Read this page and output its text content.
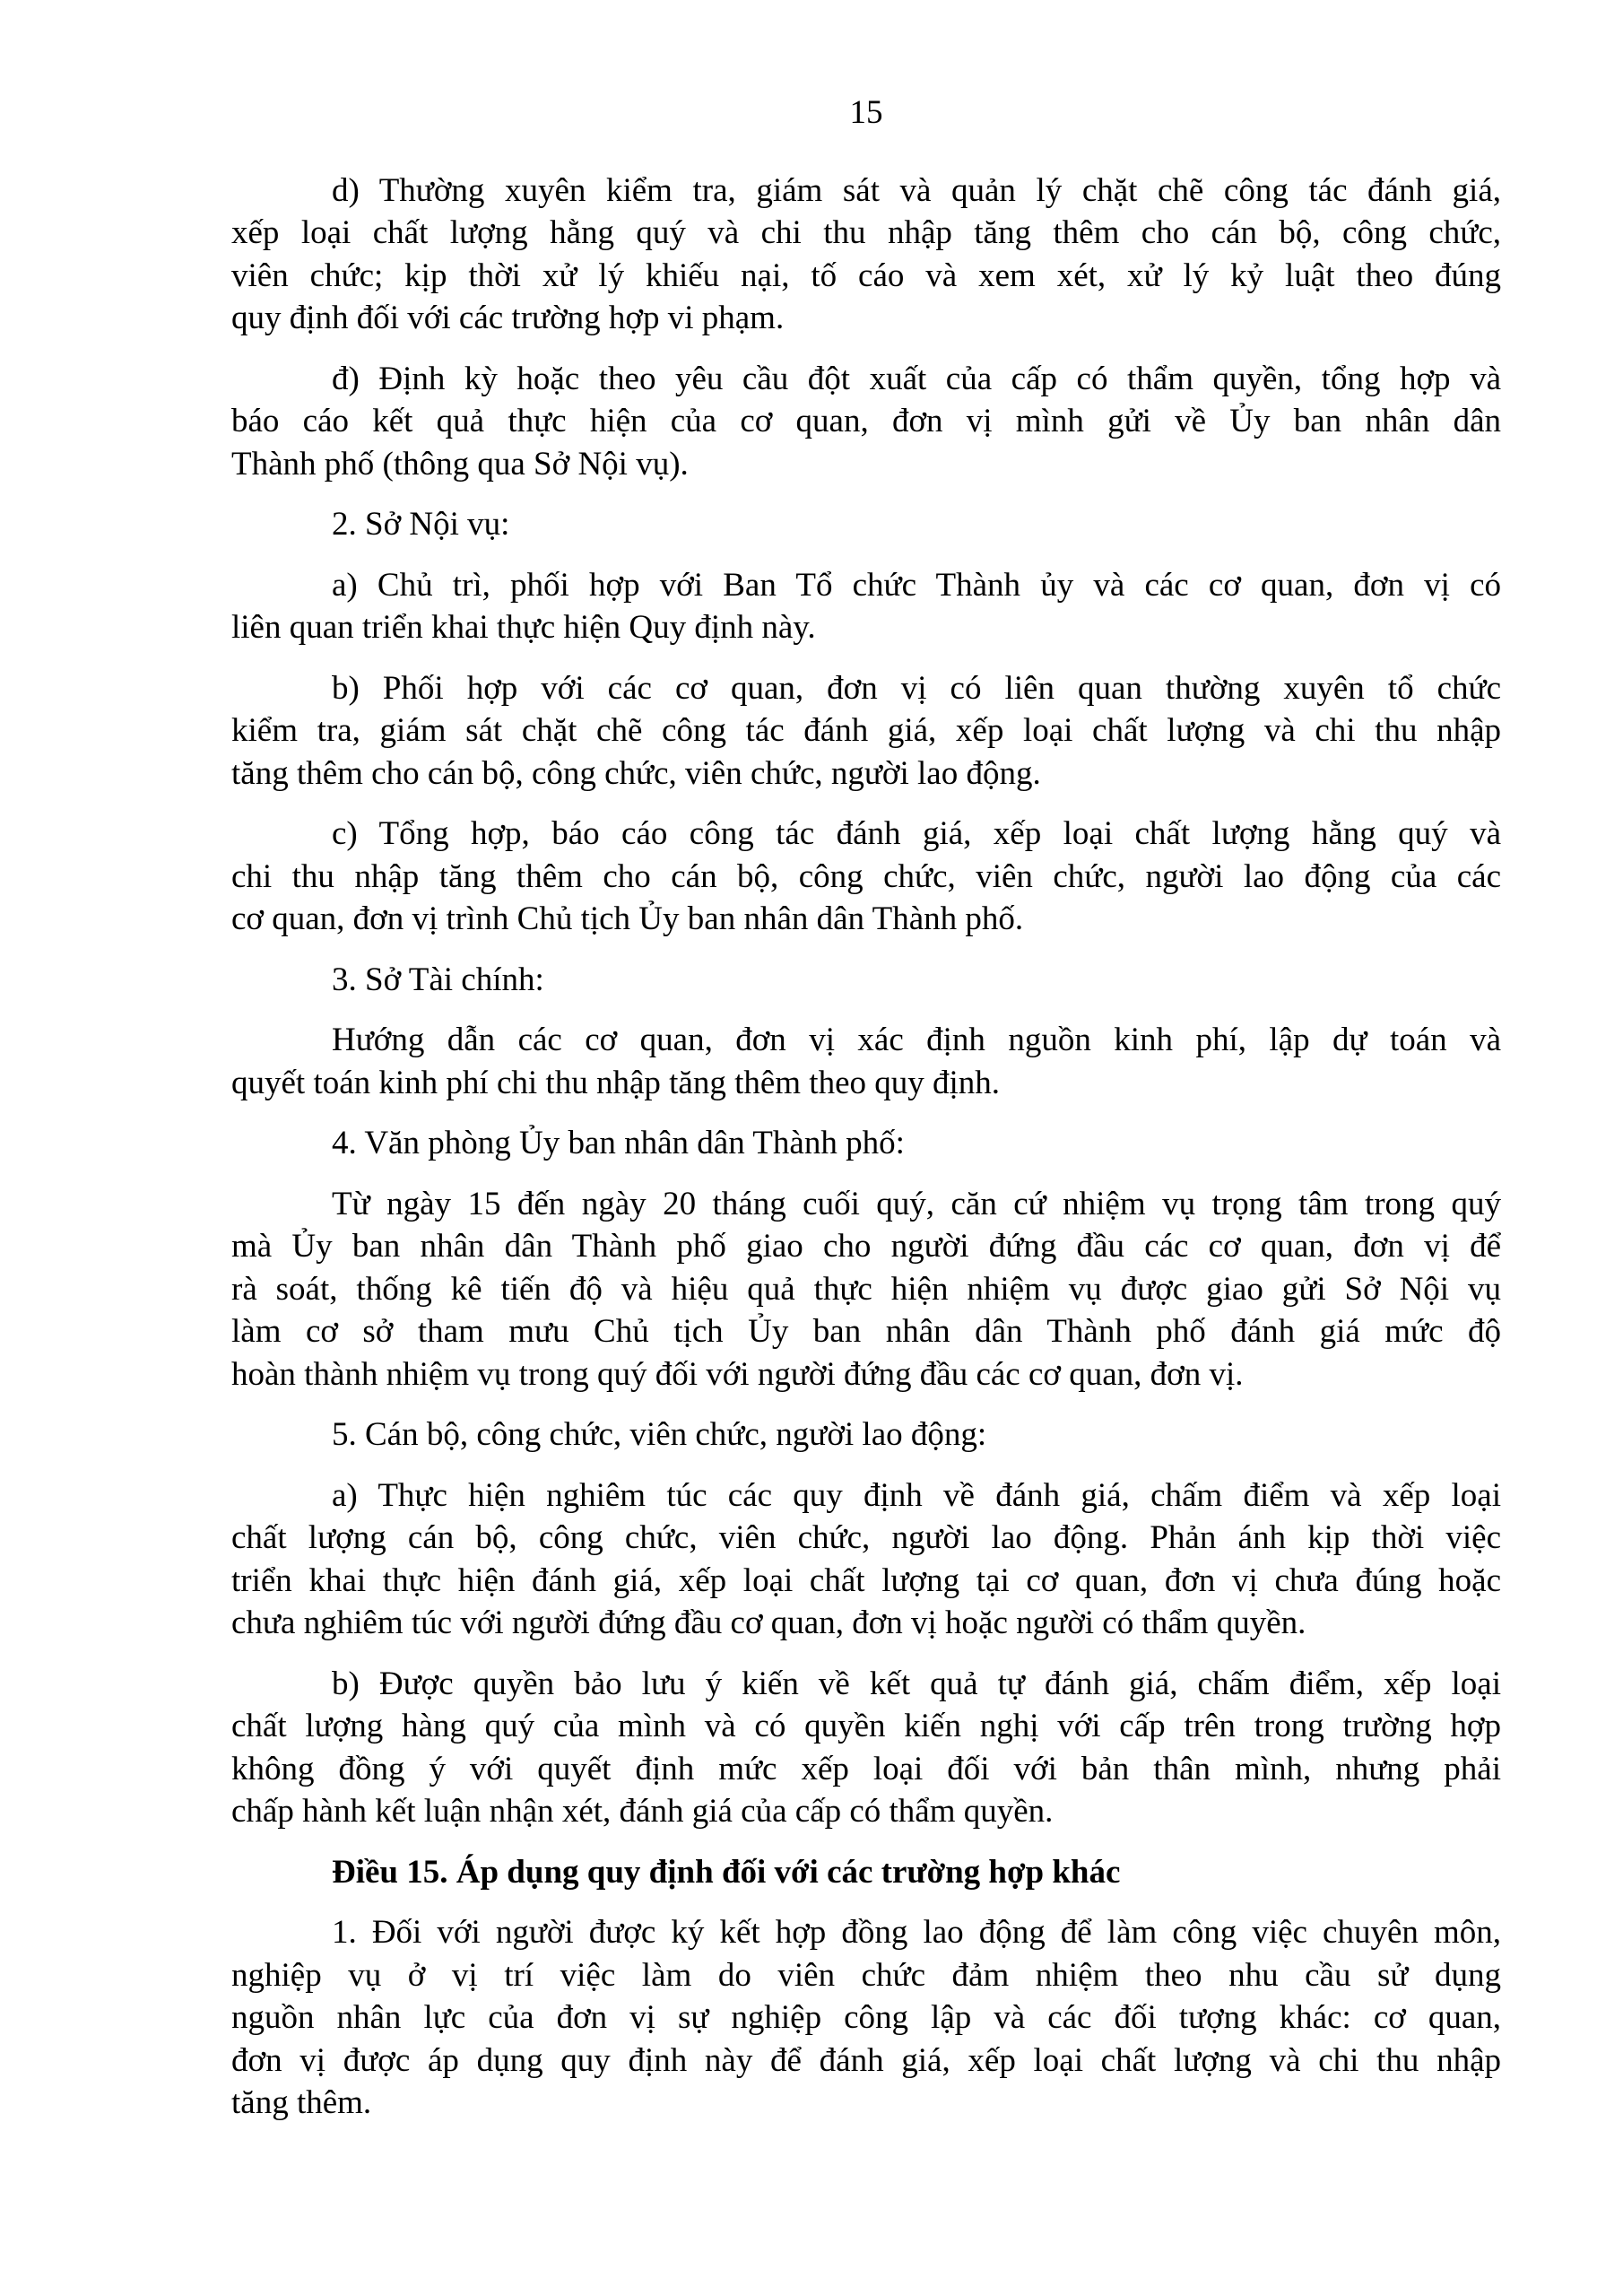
15
d) Thường xuyên kiểm tra, giám sát và quản lý chặt chẽ công tác đánh giá,
xếp loại chất lượng hằng quý và chi thu nhập tăng thêm cho cán bộ, công chức,
viên chức; kịp thời xử lý khiếu nại, tố cáo và xem xét, xử lý kỷ luật theo đúng
quy định đối với các trường hợp vi phạm.
đ) Định kỳ hoặc theo yêu cầu đột xuất của cấp có thẩm quyền, tổng hợp và
báo cáo kết quả thực hiện của cơ quan, đơn vị mình gửi về Ủy ban nhân dân
Thành phố (thông qua Sở Nội vụ).
2. Sở Nội vụ:
a) Chủ trì, phối hợp với Ban Tổ chức Thành ủy và các cơ quan, đơn vị có
liên quan triển khai thực hiện Quy định này.
b) Phối hợp với các cơ quan, đơn vị có liên quan thường xuyên tổ chức
kiểm tra, giám sát chặt chẽ công tác đánh giá, xếp loại chất lượng và chi thu nhập
tăng thêm cho cán bộ, công chức, viên chức, người lao động.
c) Tổng hợp, báo cáo công tác đánh giá, xếp loại chất lượng hằng quý và
chi thu nhập tăng thêm cho cán bộ, công chức, viên chức, người lao động của các
cơ quan, đơn vị trình Chủ tịch Ủy ban nhân dân Thành phố.
3. Sở Tài chính:
Hướng dẫn các cơ quan, đơn vị xác định nguồn kinh phí, lập dự toán và
quyết toán kinh phí chi thu nhập tăng thêm theo quy định.
4. Văn phòng Ủy ban nhân dân Thành phố:
Từ ngày 15 đến ngày 20 tháng cuối quý, căn cứ nhiệm vụ trọng tâm trong quý
mà Ủy ban nhân dân Thành phố giao cho người đứng đầu các cơ quan, đơn vị để
rà soát, thống kê tiến độ và hiệu quả thực hiện nhiệm vụ được giao gửi Sở Nội vụ
làm cơ sở tham mưu Chủ tịch Ủy ban nhân dân Thành phố đánh giá mức độ
hoàn thành nhiệm vụ trong quý đối với người đứng đầu các cơ quan, đơn vị.
5. Cán bộ, công chức, viên chức, người lao động:
a) Thực hiện nghiêm túc các quy định về đánh giá, chấm điểm và xếp loại
chất lượng cán bộ, công chức, viên chức, người lao động. Phản ánh kịp thời việc
triển khai thực hiện đánh giá, xếp loại chất lượng tại cơ quan, đơn vị chưa đúng hoặc
chưa nghiêm túc với người đứng đầu cơ quan, đơn vị hoặc người có thẩm quyền.
b) Được quyền bảo lưu ý kiến về kết quả tự đánh giá, chấm điểm, xếp loại
chất lượng hàng quý của mình và có quyền kiến nghị với cấp trên trong trường hợp
không đồng ý với quyết định mức xếp loại đối với bản thân mình, nhưng phải
chấp hành kết luận nhận xét, đánh giá của cấp có thẩm quyền.
Điều 15. Áp dụng quy định đối với các trường hợp khác
1. Đối với người được ký kết hợp đồng lao động để làm công việc chuyên môn,
nghiệp vụ ở vị trí việc làm do viên chức đảm nhiệm theo nhu cầu sử dụng
nguồn nhân lực của đơn vị sự nghiệp công lập và các đối tượng khác: cơ quan,
đơn vị được áp dụng quy định này để đánh giá, xếp loại chất lượng và chi thu nhập
tăng thêm.
